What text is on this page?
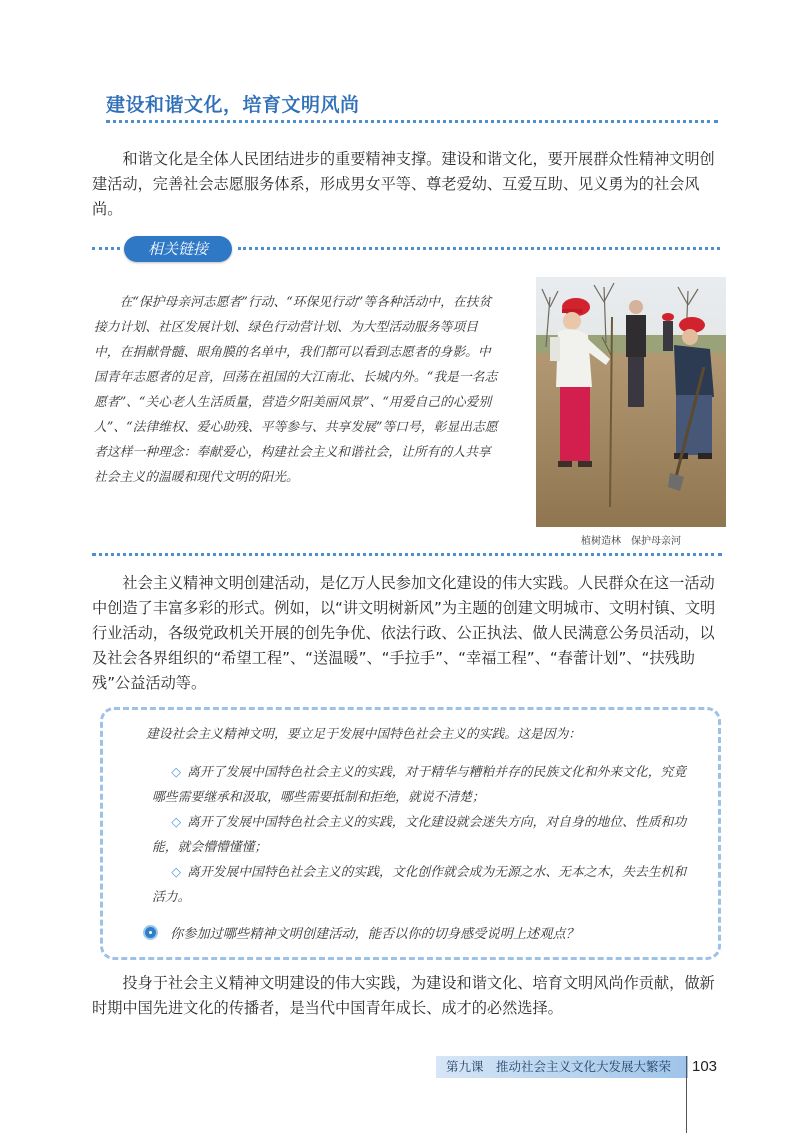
建设和谐文化，培育文明风尚

和谐文化是全体人民团结进步的重要精神支撑。建设和谐文化，要开展群众性精神文明创建活动，完善社会志愿服务体系，形成男女平等、尊老爱幼、互爱互助、见义勇为的社会风尚。

相关链接
在“保护母亲河志愿者”行动、“环保见行动”等各种活动中，在扶贫接力计划、社区发展计划、绿色行动营计划、为大型活动服务等项目中，在捐献骨髓、眼角膜的名单中，我们都可以看到志愿者的身影。中国青年志愿者的足音，回荡在祖国的大江南北、长城内外。“我是一名志愿者”、“关心老人生活质量，营造夕阳美丽风景”、“用爱自己的心爱别人”、“法律维权、爱心助残、平等参与、共享发展”等口号，彰显出志愿者这样一种理念：奉献爱心，构建社会主义和谐社会，让所有的人共享社会主义的温暖和现代文明的阳光。
植树造林　保护母亲河

社会主义精神文明创建活动，是亿万人民参加文化建设的伟大实践。人民群众在这一活动中创造了丰富多彩的形式。例如，以“讲文明树新风”为主题的创建文明城市、文明村镇、文明行业活动，各级党政机关开展的创先争优、依法行政、公正执法、做人民满意公务员活动，以及社会各界组织的“希望工程”、“送温暖”、“手拉手”、“幸福工程”、“春蕾计划”、“扶残助残”公益活动等。

建设社会主义精神文明，要立足于发展中国特色社会主义的实践。这是因为：

◇ 离开了发展中国特色社会主义的实践，对于精华与糟粕并存的民族文化和外来文化，究竟哪些需要继承和汲取，哪些需要抵制和拒绝，就说不清楚；

◇ 离开了发展中国特色社会主义的实践，文化建设就会迷失方向，对自身的地位、性质和功能，就会懵懵懂懂；

◇ 离开发展中国特色社会主义的实践，文化创作就会成为无源之水、无本之木，失去生机和活力。

你参加过哪些精神文明创建活动，能否以你的切身感受说明上述观点？

投身于社会主义精神文明建设的伟大实践，为建设和谐文化、培育文明风尚作贡献，做新时期中国先进文化的传播者，是当代中国青年成长、成才的必然选择。

第九课　推动社会主义文化大发展大繁荣	103
